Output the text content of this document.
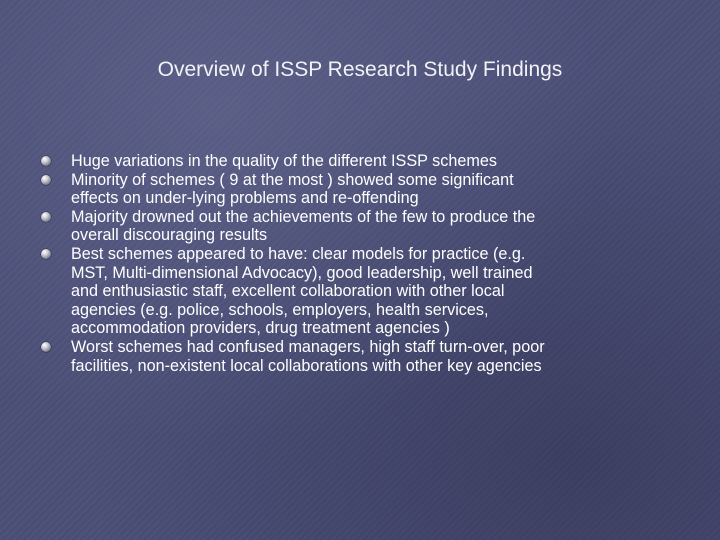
Overview of ISSP Research Study Findings
Huge variations in the quality of the different ISSP schemes
Minority of schemes ( 9 at the most ) showed some significant
effects on under-lying problems and re-offending
Majority drowned out the achievements of the few to produce the
overall discouraging results
Best schemes appeared to have: clear models for practice (e.g.
MST, Multi-dimensional Advocacy), good leadership, well trained
and enthusiastic staff, excellent collaboration with other local
agencies (e.g. police, schools, employers, health services,
accommodation providers, drug treatment agencies )
Worst schemes had confused managers, high staff turn-over, poor
facilities, non-existent local collaborations with other key agencies
